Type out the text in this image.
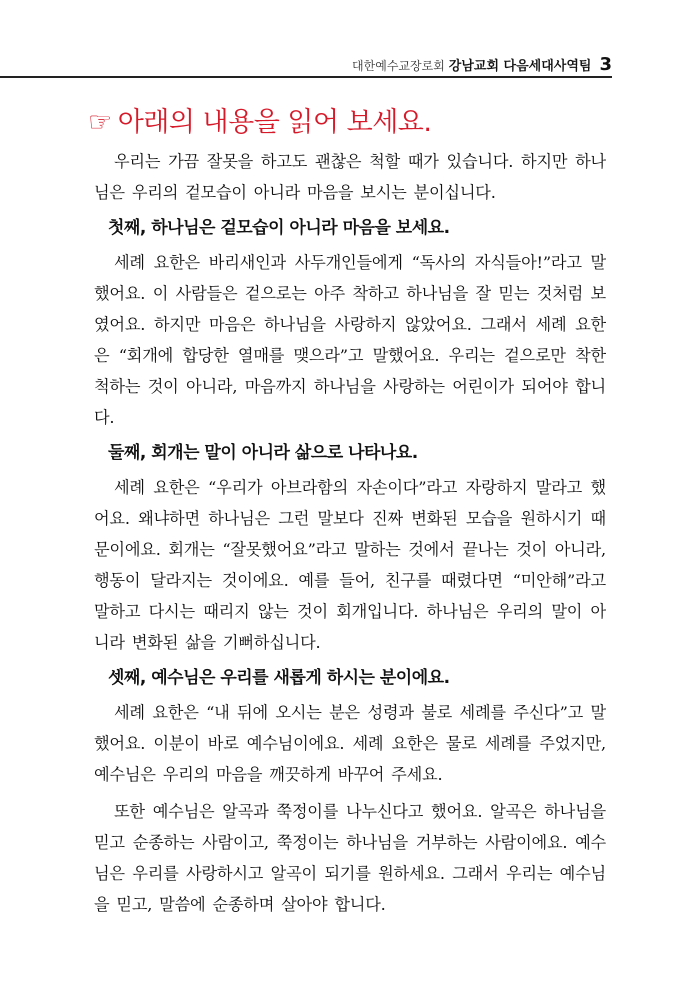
대한예수교장로회 강남교회 다음세대사역팀 3
☞ 아래의 내용을 읽어 보세요.

우리는 가끔 잘못을 하고도 괜찮은 척할 때가 있습니다. 하지만 하나님은 우리의 겉모습이 아니라 마음을 보시는 분이십니다.

첫째, 하나님은 겉모습이 아니라 마음을 보세요.

세례 요한은 바리새인과 사두개인들에게 “독사의 자식들아!”라고 말했어요. 이 사람들은 겉으로는 아주 착하고 하나님을 잘 믿는 것처럼 보였어요. 하지만 마음은 하나님을 사랑하지 않았어요. 그래서 세례 요한은 “회개에 합당한 열매를 맺으라”고 말했어요. 우리는 겉으로만 착한 척하는 것이 아니라, 마음까지 하나님을 사랑하는 어린이가 되어야 합니다.

둘째, 회개는 말이 아니라 삶으로 나타나요.

세례 요한은 “우리가 아브라함의 자손이다”라고 자랑하지 말라고 했어요. 왜냐하면 하나님은 그런 말보다 진짜 변화된 모습을 원하시기 때문이에요. 회개는 “잘못했어요”라고 말하는 것에서 끝나는 것이 아니라, 행동이 달라지는 것이에요. 예를 들어, 친구를 때렸다면 “미안해”라고 말하고 다시는 때리지 않는 것이 회개입니다. 하나님은 우리의 말이 아니라 변화된 삶을 기뻐하십니다.

셋째, 예수님은 우리를 새롭게 하시는 분이에요.

세례 요한은 “내 뒤에 오시는 분은 성령과 불로 세례를 주신다”고 말했어요. 이분이 바로 예수님이에요. 세례 요한은 물로 세례를 주었지만, 예수님은 우리의 마음을 깨끗하게 바꾸어 주세요.

또한 예수님은 알곡과 쭉정이를 나누신다고 했어요. 알곡은 하나님을 믿고 순종하는 사람이고, 쭉정이는 하나님을 거부하는 사람이에요. 예수님은 우리를 사랑하시고 알곡이 되기를 원하세요. 그래서 우리는 예수님을 믿고, 말씀에 순종하며 살아야 합니다.
